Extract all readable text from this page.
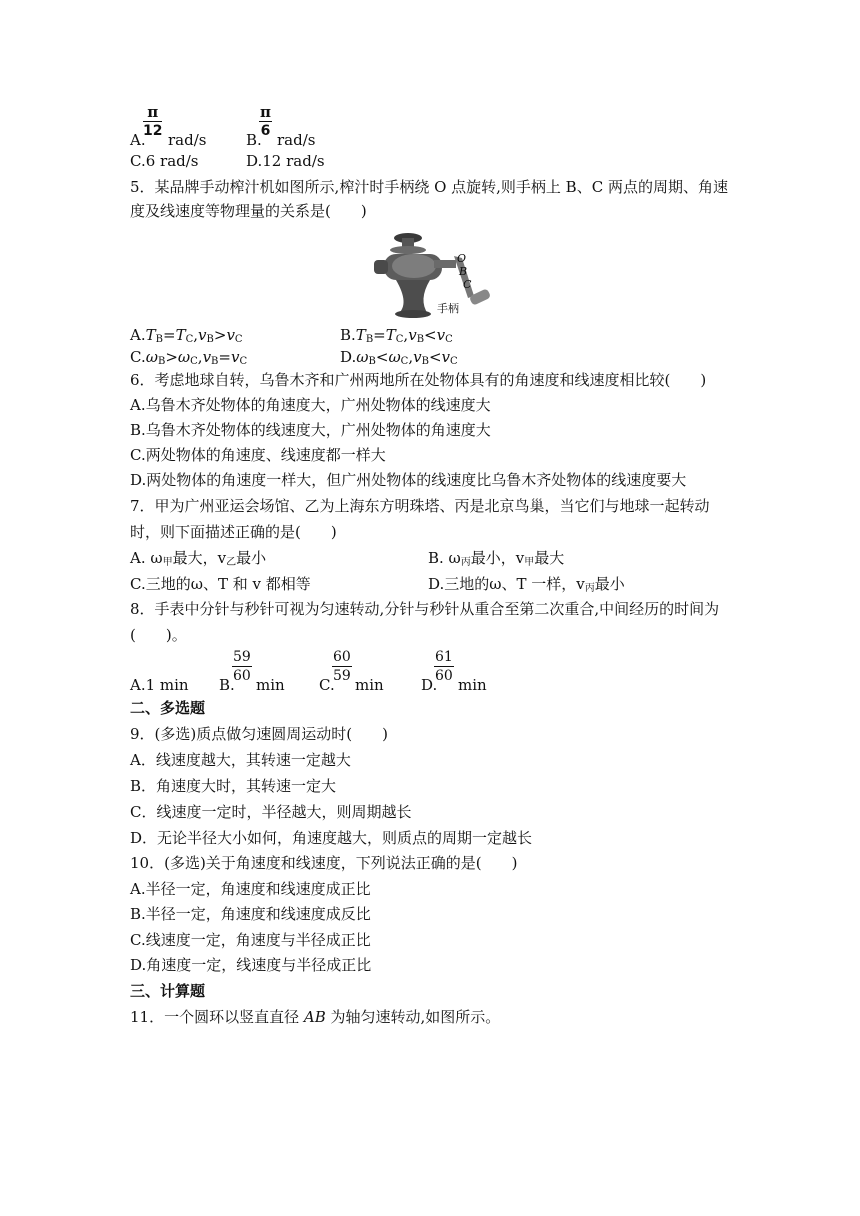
A.
$\frac{\pi}{12}$
rad/s	B.
$\frac{\pi}{6}$
rad/s
C.6 rad/s	D.12 rad/s
5．某品牌手动榨汁机如图所示,榨汁时手柄绕 O 点旋转,则手柄上 B、C 两点的周期、角速
度及线速度等物理量的关系是(　　)
O
B
C
手柄
$A.T_B=T_C,v_B>v_C$	$B.T_B=T_C,v_B<v_C$
$C.\omega_B>\omega_C,v_B=v_C$	$D.\omega_B<\omega_C,v_B<v_C$
6．考虑地球自转，乌鲁木齐和广州两地所在处物体具有的角速度和线速度相比较(　　)
A.乌鲁木齐处物体的角速度大，广州处物体的线速度大
B.乌鲁木齐处物体的线速度大，广州处物体的角速度大
C.两处物体的角速度、线速度都一样大
D.两处物体的角速度一样大，但广州处物体的线速度比乌鲁木齐处物体的线速度要大
7．甲为广州亚运会场馆、乙为上海东方明珠塔、丙是北京鸟巢，当它们与地球一起转动
时，则下面描述正确的是(　　)
A. $\omega_甲$最大，$v_乙$最小	B. $\omega_丙$最小，$v_甲$最大
C.三地的ω、T 和 v 都相等	D.三地的ω、T 一样，$v_丙$最小
8．手表中分针与秒针可视为匀速转动,分针与秒针从重合至第二次重合,中间经历的时间为
(　　)。
A.1 min B.
$\frac{59}{60}$
min C.
$\frac{60}{59}$
min D.
$\frac{61}{60}$
min
二、多选题
9．(多选)质点做匀速圆周运动时(　　)
A．线速度越大，其转速一定越大
B．角速度大时，其转速一定大
C．线速度一定时，半径越大，则周期越长
D．无论半径大小如何，角速度越大，则质点的周期一定越长
10．(多选)关于角速度和线速度，下列说法正确的是(　　)
A.半径一定，角速度和线速度成正比
B.半径一定，角速度和线速度成反比
C.线速度一定，角速度与半径成正比
D.角速度一定，线速度与半径成正比
三、计算题
11．一个圆环以竖直直径 AB 为轴匀速转动,如图所示。
